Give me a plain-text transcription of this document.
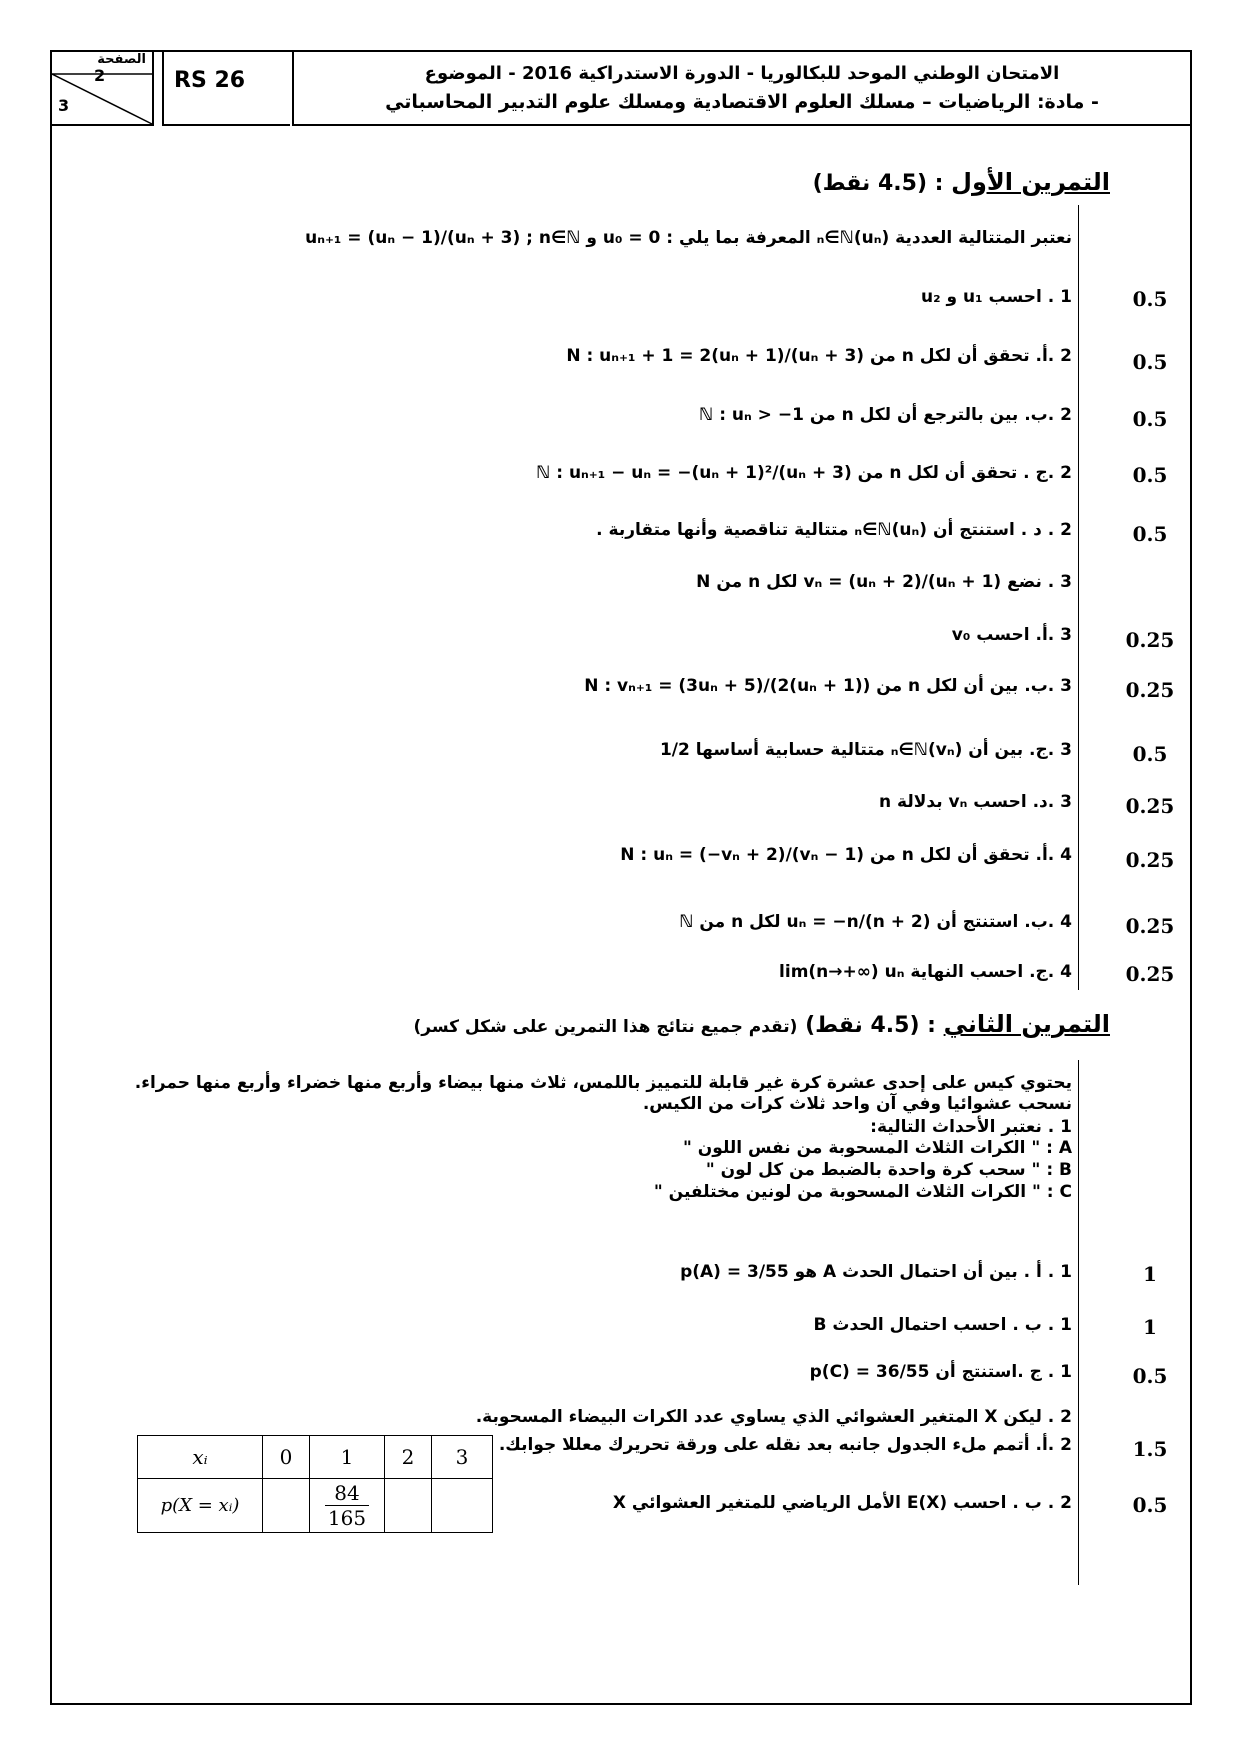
الصفحة
2
3
RS 26	الامتحان الوطني الموحد للبكالوريا - الدورة الاستدراكية 2016 - الموضوع
- مادة: الرياضيات – مسلك العلوم الاقتصادية ومسلك علوم التدبير المحاسباتي
التمرين الأول : (4.5 نقط)
نعتبر المتتالية العددية (uₙ)ₙ∈ℕ المعرفة بما يلي : u₀ = 0 و uₙ₊₁ = (uₙ − 1)/(uₙ + 3) ; n∈ℕ
1 . احسب u₁ و u₂	0.5
2 .أ. تحقق أن لكل n من N : uₙ₊₁ + 1 = 2(uₙ + 1)/(uₙ + 3)	0.5
2 .ب. بين بالترجع أن لكل n من ℕ : uₙ > −1	0.5
2 .ج . تحقق أن لكل n من ℕ : uₙ₊₁ − uₙ = −(uₙ + 1)²/(uₙ + 3)	0.5
2 . د . استنتج أن (uₙ)ₙ∈ℕ متتالية تناقصية وأنها متقاربة .	0.5
3 . نضع vₙ = (uₙ + 2)/(uₙ + 1) لكل n من N
3 .أ. احسب v₀	0.25
3 .ب. بين أن لكل n من N : vₙ₊₁ = (3uₙ + 5)/(2(uₙ + 1))	0.25
3 .ج. بين أن (vₙ)ₙ∈ℕ متتالية حسابية أساسها 1/2	0.5
3 .د. احسب vₙ بدلالة n	0.25
4 .أ. تحقق أن لكل n من N : uₙ = (−vₙ + 2)/(vₙ − 1)	0.25
4 .ب. استنتج أن uₙ = −n/(n + 2) لكل n من ℕ	0.25
4 .ج. احسب النهاية lim(n→+∞) uₙ	0.25
التمرين الثاني : (4.5 نقط) (تقدم جميع نتائج هذا التمرين على شكل كسر)
يحتوي كيس على إحدى عشرة كرة غير قابلة للتمييز باللمس، ثلاث منها بيضاء وأربع منها خضراء وأربع منها حمراء. نسحب عشوائيا وفي آن واحد ثلاث كرات من الكيس.
1 . نعتبر الأحداث التالية:
A : " الكرات الثلاث المسحوبة من نفس اللون "
B : " سحب كرة واحدة بالضبط من كل لون "
C : " الكرات الثلاث المسحوبة من لونين مختلفين "
1 . أ . بين أن احتمال الحدث A هو p(A) = 3/55	1
1 . ب . احسب احتمال الحدث B	1
1 . ج .استنتج أن p(C) = 36/55	0.5
2 . ليكن X المتغير العشوائي الذي يساوي عدد الكرات البيضاء المسحوبة.
2 .أ. أتمم ملء الجدول جانبه بعد نقله على ورقة تحريرك معللا جوابك.	1.5
2 . ب . احسب E(X) الأمل الرياضي للمتغير العشوائي X	0.5
xᵢ	0	1	2	3
p(X = xᵢ)		$\frac{84}{165}$
